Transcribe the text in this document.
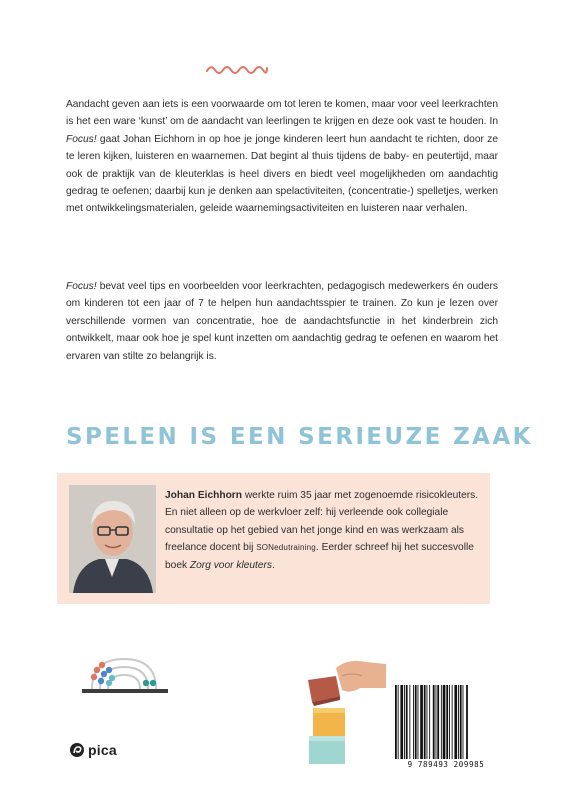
Aandacht geven aan iets is een voorwaarde om tot leren te komen, maar voor veel leerkrachten is het een ware ‘kunst’ om de aandacht van leerlingen te krijgen en deze ook vast te houden. In Focus! gaat Johan Eichhorn in op hoe je jonge kinderen leert hun aandacht te richten, door ze te leren kijken, luisteren en waarnemen. Dat begint al thuis tijdens de baby- en peutertijd, maar ook de praktijk van de kleuterklas is heel divers en biedt veel mogelijkheden om aandachtig gedrag te oefenen; daarbij kun je denken aan spelactiviteiten, (concentratie-) spelletjes, werken met ontwikkelingsmaterialen, geleide waarnemingsactiviteiten en luisteren naar verhalen.

Focus! bevat veel tips en voorbeelden voor leerkrachten, pedagogisch medewerkers én ouders om kinderen tot een jaar of 7 te helpen hun aandachtsspier te trainen. Zo kun je lezen over verschillende vormen van concentratie, hoe de aandachtsfunctie in het kinderbrein zich ontwikkelt, maar ook hoe je spel kunt inzetten om aandachtig gedrag te oefenen en waarom het ervaren van stilte zo belangrijk is.

SPELEN IS EEN SERIEUZE ZAAK

Johan Eichhorn werkte ruim 35 jaar met zogenoemde risicokleuters. En niet alleen op de werkvloer zelf: hij verleende ook collegiale consultatie op het gebied van het jonge kind en was werkzaam als freelance docent bij SONedutraining. Eerder schreef hij het succesvolle boek Zorg voor kleuters.

9 789493 209985
pica
